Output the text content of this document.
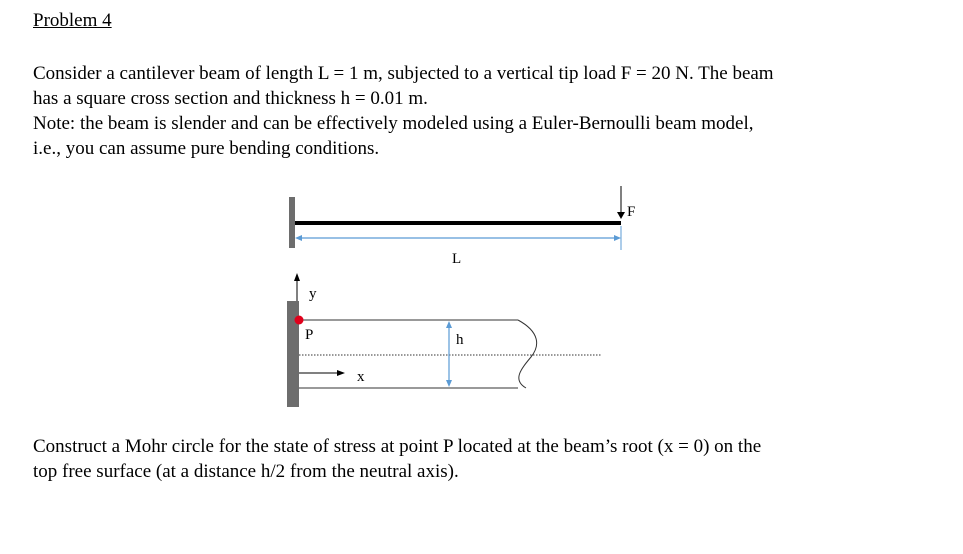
Problem 4
Consider a cantilever beam of length L = 1 m, subjected to a vertical tip load F = 20 N. The beam
has a square cross section and thickness h = 0.01 m.
Note: the beam is slender and can be effectively modeled using a Euler-Bernoulli beam model,
i.e., you can assume pure bending conditions.
F
L
y
P
x
h
Construct a Mohr circle for the state of stress at point P located at the beam’s root (x = 0) on the
top free surface (at a distance h/2 from the neutral axis).
